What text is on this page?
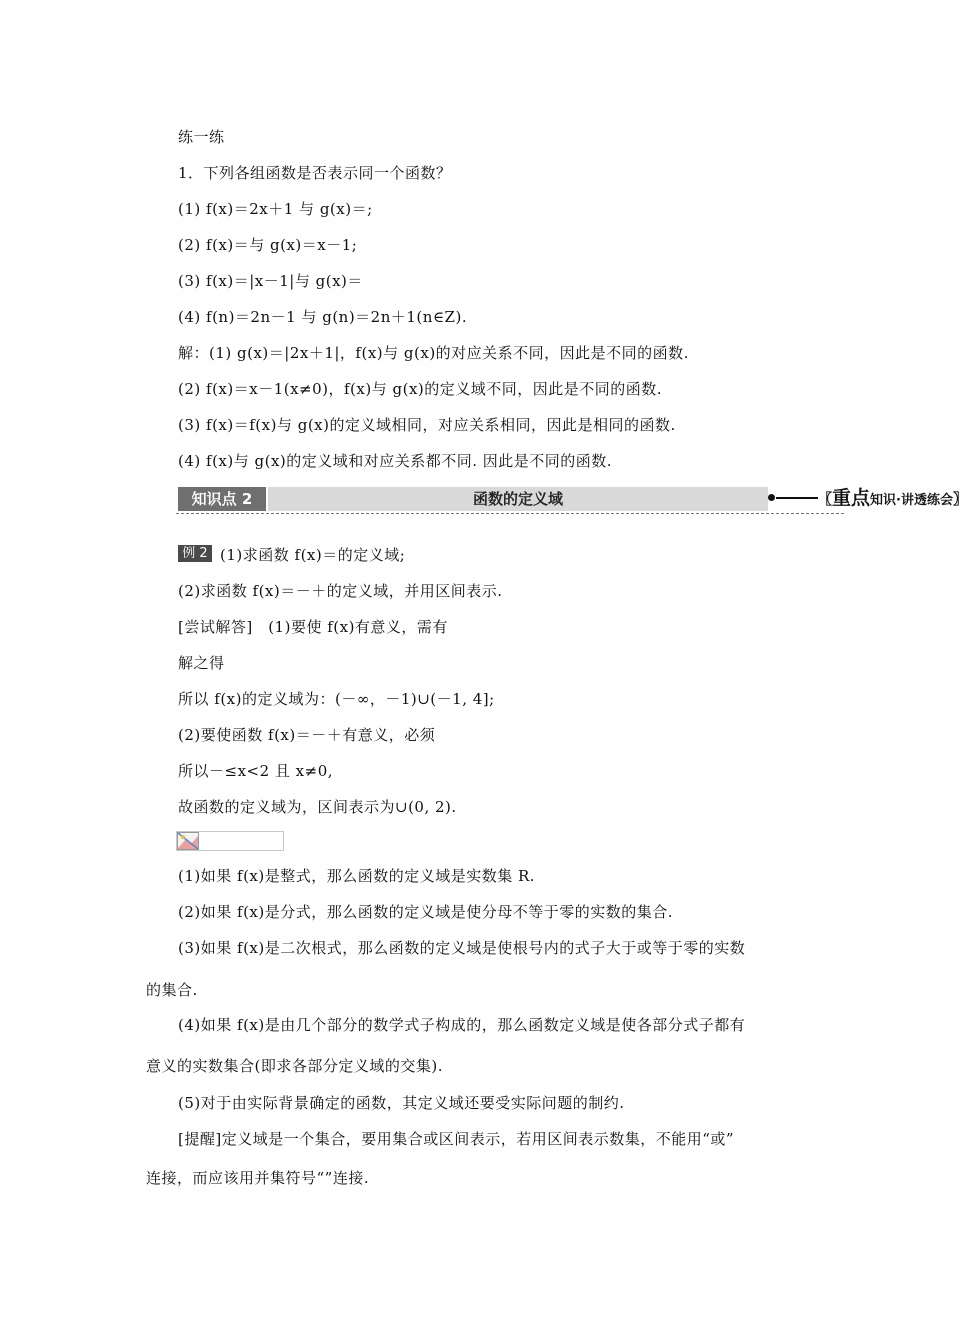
练一练
1．下列各组函数是否表示同一个函数？
(1) f(x)＝2x＋1 与 g(x)＝;
(2) f(x)＝与 g(x)＝x－1;
(3) f(x)＝|x－1|与 g(x)＝
(4) f(n)＝2n－1 与 g(n)＝2n＋1(n∈Z).
解：(1) g(x)＝|2x＋1|，f(x)与 g(x)的对应关系不同，因此是不同的函数.
(2) f(x)＝x－1(x≠0)，f(x)与 g(x)的定义域不同，因此是不同的函数.
(3) f(x)＝f(x)与 g(x)的定义域相同，对应关系相同，因此是相同的函数.
(4) f(x)与 g(x)的定义域和对应关系都不同. 因此是不同的函数.
知识点 2	函数的定义域	〖重点知识·讲透练会〗
例 2 (1)求函数 f(x)＝的定义域;
(2)求函数 f(x)＝－＋的定义域，并用区间表示.
[尝试解答]　(1)要使 f(x)有意义，需有
解之得
所以 f(x)的定义域为：(－∞，－1)∪(－1, 4];
(2)要使函数 f(x)＝－＋有意义，必须
所以－≤x<2 且 x≠0,
故函数的定义域为，区间表示为∪(0, 2).
(1)如果 f(x)是整式，那么函数的定义域是实数集 R.
(2)如果 f(x)是分式，那么函数的定义域是使分母不等于零的实数的集合.
(3)如果 f(x)是二次根式，那么函数的定义域是使根号内的式子大于或等于零的实数
的集合.
(4)如果 f(x)是由几个部分的数学式子构成的，那么函数定义域是使各部分式子都有
意义的实数集合(即求各部分定义域的交集).
(5)对于由实际背景确定的函数，其定义域还要受实际问题的制约.
[提醒]定义域是一个集合，要用集合或区间表示，若用区间表示数集，不能用“或”
连接，而应该用并集符号“”连接.
